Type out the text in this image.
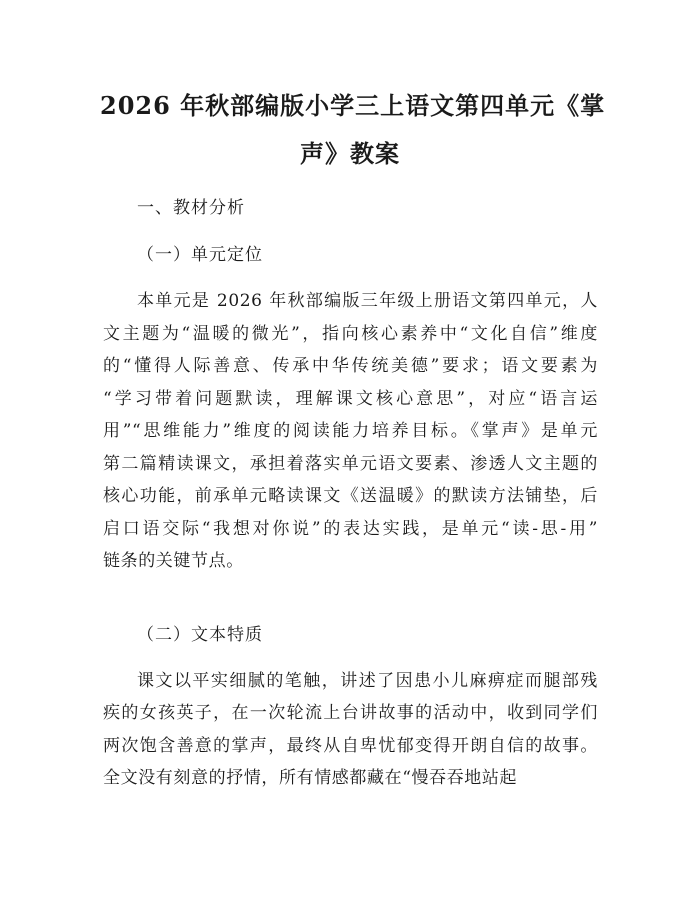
2026 年秋部编版小学三上语文第四单元《掌
声》教案
一、教材分析
（一）单元定位
本单元是 2026 年秋部编版三年级上册语文第四单元，人
文主题为“温暖的微光”，指向核心素养中“文化自信”维度
的“懂得人际善意、传承中华传统美德”要求；语文要素为
“学习带着问题默读，理解课文核心意思”，对应“语言运
用”“思维能力”维度的阅读能力培养目标。《掌声》是单元
第二篇精读课文，承担着落实单元语文要素、渗透人文主题的
核心功能，前承单元略读课文《送温暖》的默读方法铺垫，后
启口语交际“我想对你说”的表达实践，是单元“读-思-用”
链条的关键节点。
（二）文本特质
课文以平实细腻的笔触，讲述了因患小儿麻痹症而腿部残
疾的女孩英子，在一次轮流上台讲故事的活动中，收到同学们
两次饱含善意的掌声，最终从自卑忧郁变得开朗自信的故事。
全文没有刻意的抒情，所有情感都藏在“慢吞吞地站起
